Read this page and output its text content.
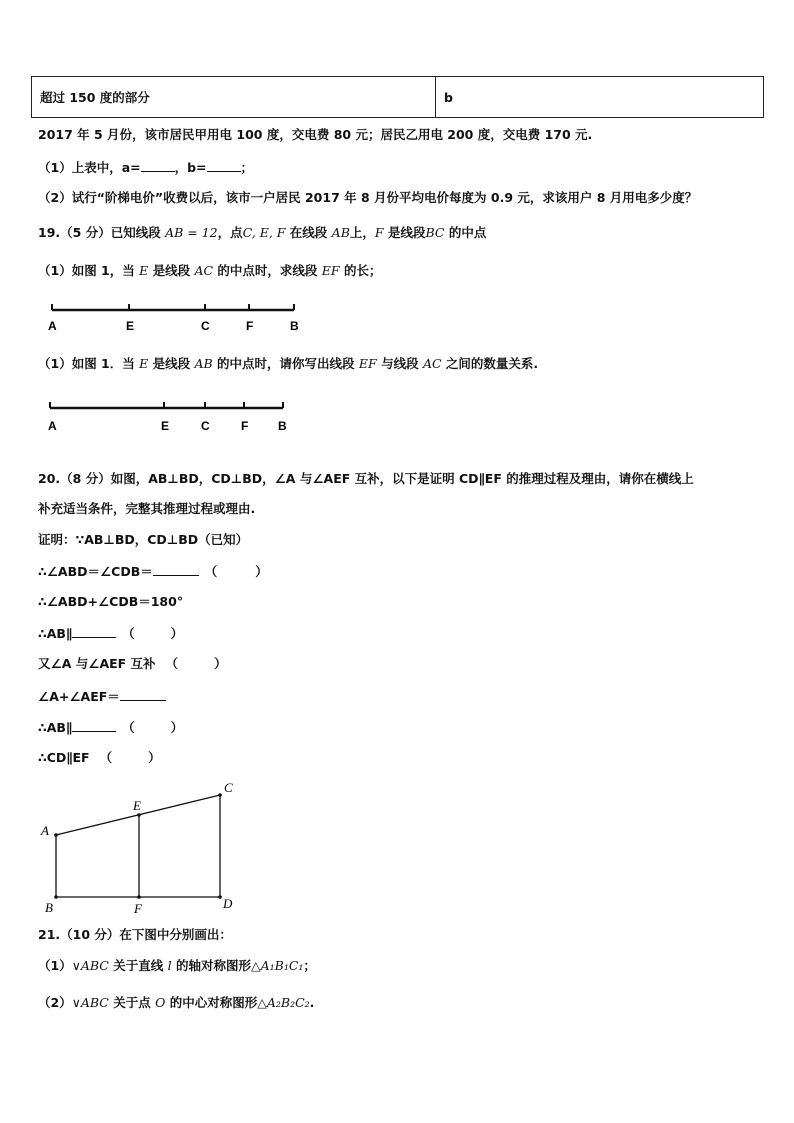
超过 150 度的部分	b
2017 年 5 月份，该市居民甲用电 100 度，交电费 80 元；居民乙用电 200 度，交电费 170 元.
（1）上表中，a=	，b=	；
（2）试行“阶梯电价”收费以后，该市一户居民 2017 年 8 月份平均电价每度为 0.9 元，求该用户 8 月用电多少度？
19.（5 分）已知线段 AB = 12，点C, E, F 在线段 AB上，F 是线段BC 的中点
（1）如图 1，当 E 是线段 AC 的中点时，求线段 EF 的长；
A	E	C	F	B
（1）如图 1．当 E 是线段 AB 的中点时，请你写出线段 EF 与线段 AC 之间的数量关系.
A	E	C	F B
20.（8 分）如图，AB⊥BD，CD⊥BD，∠A 与∠AEF 互补，以下是证明 CD∥EF 的推理过程及理由，请你在横线上
补充适当条件，完整其推理过程或理由.
证明：∵AB⊥BD，CD⊥BD（已知）
∴∠ABD＝∠CDB＝	（	）
∴∠ABD+∠CDB＝180°
∴AB∥	（	）
又∠A 与∠AEF 互补 （	）
∠A+∠AEF＝
∴AB∥	（	）
∴CD∥EF （	）
A
B
C
D
E
F
21.（10 分）在下图中分别画出：
（1）∨ABC 关于直线 l 的轴对称图形△A₁B₁C₁；
（2）∨ABC 关于点 O 的中心对称图形△A₂B₂C₂.
